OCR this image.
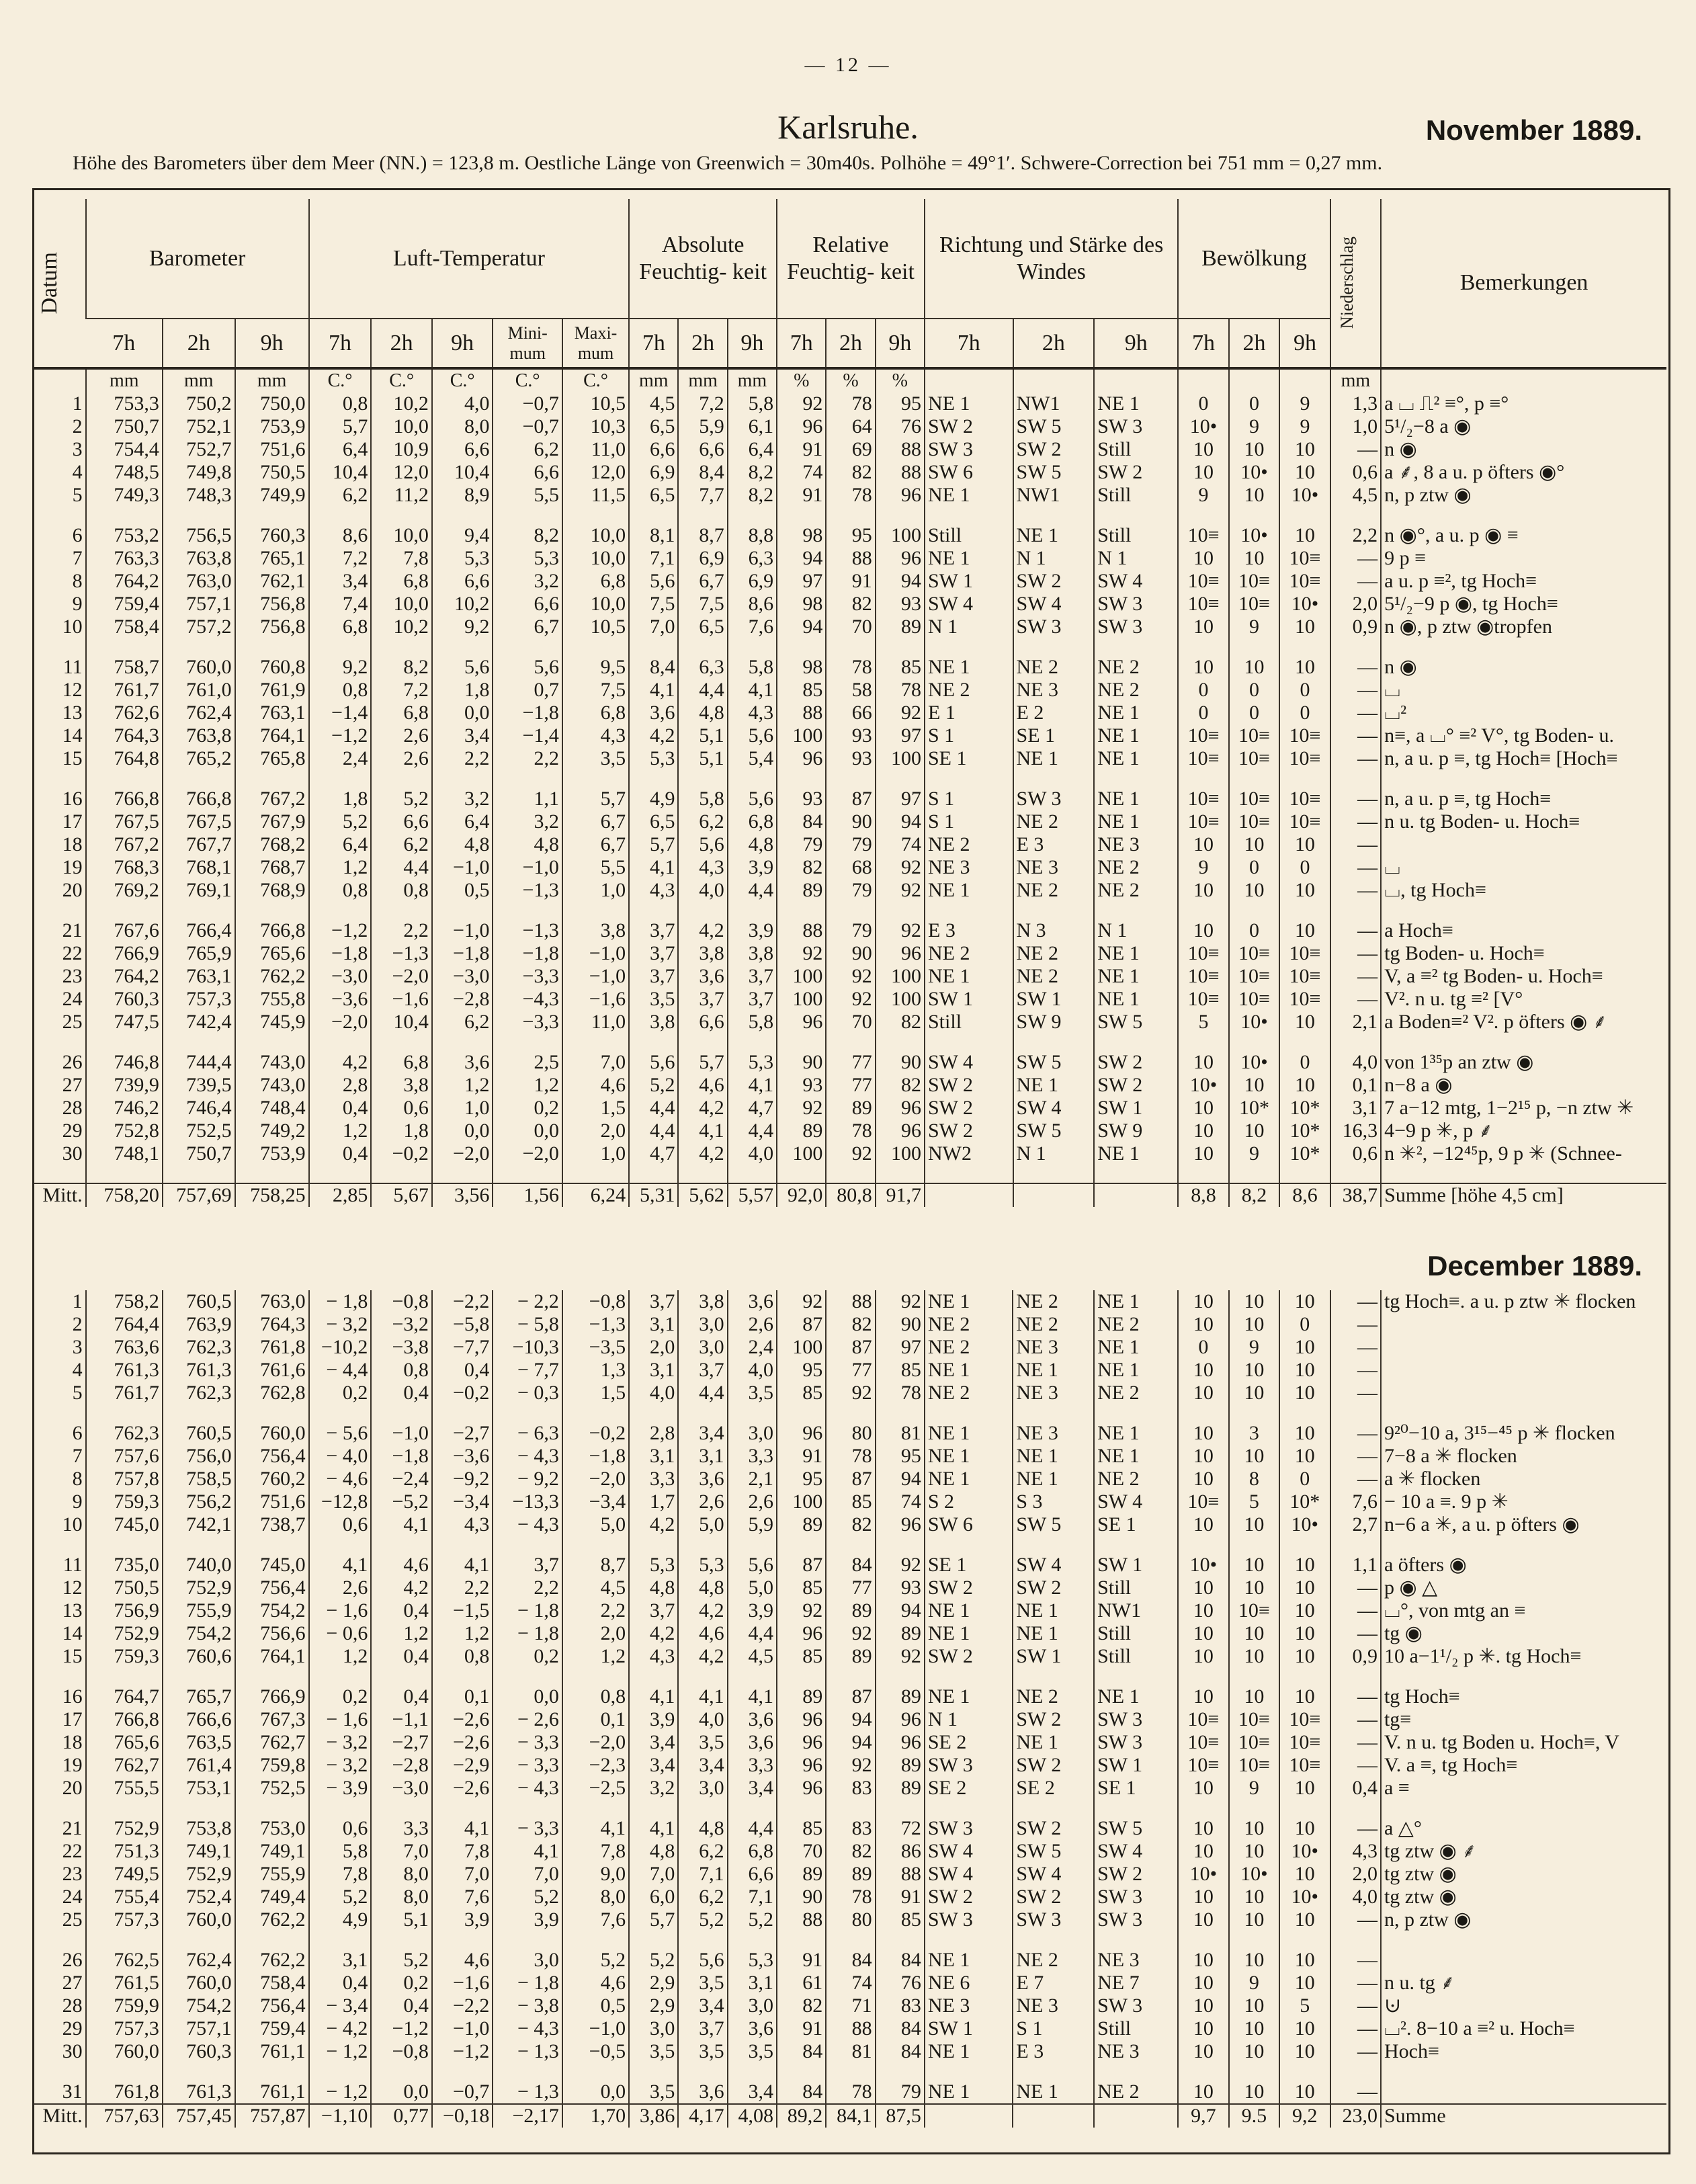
— 12 —
Karlsruhe.	November 1889.
Höhe des Barometers über dem Meer (NN.) = 123,8 m. Oestliche Länge von Greenwich = 30m40s. Polhöhe = 49°1′. Schwere-Correction bei 751 mm = 0,27 mm.
Datum	Barometer			Luft-Temperatur					Absolute Feuchtig- keit			Relative Feuchtig- keit			Richtung und Stärke des Windes			Bewölkung			Niederschlag	Bemerkungen
	7h	2h	9h	7h	2h	9h	Mini- mum	Maxi- mum	7h	2h	9h	7h	2h	9h	7h	2h	9h	7h	2h	9h		
	mm	mm	mm	C.°	C.°	C.°	C.°	C.°	mm	mm	mm	%	%	%							mm	
1	753,3	750,2	750,0	0,8	10,2	4,0	−0,7	10,5	4,5	7,2	5,8	92	78	95	NE 1	NW1	NE 1	0	0	9	1,3	a ⌴ ⎍² ≡°, p ≡°
2	750,7	752,1	753,9	5,7	10,0	8,0	−0,7	10,3	6,5	5,9	6,1	96	64	76	SW 2	SW 5	SW 3	10•	9	9	1,0	5¹/₂−8 a ◉
3	754,4	752,7	751,6	6,4	10,9	6,6	6,2	11,0	6,6	6,6	6,4	91	69	88	SW 3	SW 2	Still	10	10	10	—	n ◉
4	748,5	749,8	750,5	10,4	12,0	10,4	6,6	12,0	6,9	8,4	8,2	74	82	88	SW 6	SW 5	SW 2	10	10•	10	0,6	a ⸙, 8 a u. p öfters ◉°
5	749,3	748,3	749,9	6,2	11,2	8,9	5,5	11,5	6,5	7,7	8,2	91	78	96	NE 1	NW1	Still	9	10	10•	4,5	n, p ztw ◉

6	753,2	756,5	760,3	8,6	10,0	9,4	8,2	10,0	8,1	8,7	8,8	98	95	100	Still	NE 1	Still	10≡	10•	10	2,2	n ◉°, a u. p ◉ ≡
7	763,3	763,8	765,1	7,2	7,8	5,3	5,3	10,0	7,1	6,9	6,3	94	88	96	NE 1	N 1	N 1	10	10	10≡	—	9 p ≡
8	764,2	763,0	762,1	3,4	6,8	6,6	3,2	6,8	5,6	6,7	6,9	97	91	94	SW 1	SW 2	SW 4	10≡	10≡	10≡	—	a u. p ≡², tg Hoch≡
9	759,4	757,1	756,8	7,4	10,0	10,2	6,6	10,0	7,5	7,5	8,6	98	82	93	SW 4	SW 4	SW 3	10≡	10≡	10•	2,0	5¹/₂−9 p ◉, tg Hoch≡
10	758,4	757,2	756,8	6,8	10,2	9,2	6,7	10,5	7,0	6,5	7,6	94	70	89	N 1	SW 3	SW 3	10	9	10	0,9	n ◉, p ztw ◉tropfen

11	758,7	760,0	760,8	9,2	8,2	5,6	5,6	9,5	8,4	6,3	5,8	98	78	85	NE 1	NE 2	NE 2	10	10	10	—	n ◉
12	761,7	761,0	761,9	0,8	7,2	1,8	0,7	7,5	4,1	4,4	4,1	85	58	78	NE 2	NE 3	NE 2	0	0	0	—	⌴
13	762,6	762,4	763,1	−1,4	6,8	0,0	−1,8	6,8	3,6	4,8	4,3	88	66	92	E 1	E 2	NE 1	0	0	0	—	⌴²
14	764,3	763,8	764,1	−1,2	2,6	3,4	−1,4	4,3	4,2	5,1	5,6	100	93	97	S 1	SE 1	NE 1	10≡	10≡	10≡	—	n≡, a ⌴° ≡² V°, tg Boden- u.
15	764,8	765,2	765,8	2,4	2,6	2,2	2,2	3,5	5,3	5,1	5,4	96	93	100	SE 1	NE 1	NE 1	10≡	10≡	10≡	—	n, a u. p ≡, tg Hoch≡ [Hoch≡

16	766,8	766,8	767,2	1,8	5,2	3,2	1,1	5,7	4,9	5,8	5,6	93	87	97	S 1	SW 3	NE 1	10≡	10≡	10≡	—	n, a u. p ≡, tg Hoch≡
17	767,5	767,5	767,9	5,2	6,6	6,4	3,2	6,7	6,5	6,2	6,8	84	90	94	S 1	NE 2	NE 1	10≡	10≡	10≡	—	n u. tg Boden- u. Hoch≡
18	767,2	767,7	768,2	6,4	6,2	4,8	4,8	6,7	5,7	5,6	4,8	79	79	74	NE 2	E 3	NE 3	10	10	10	—	
19	768,3	768,1	768,7	1,2	4,4	−1,0	−1,0	5,5	4,1	4,3	3,9	82	68	92	NE 3	NE 3	NE 2	9	0	0	—	⌴
20	769,2	769,1	768,9	0,8	0,8	0,5	−1,3	1,0	4,3	4,0	4,4	89	79	92	NE 1	NE 2	NE 2	10	10	10	—	⌴, tg Hoch≡

21	767,6	766,4	766,8	−1,2	2,2	−1,0	−1,3	3,8	3,7	4,2	3,9	88	79	92	E 3	N 3	N 1	10	0	10	—	a Hoch≡
22	766,9	765,9	765,6	−1,8	−1,3	−1,8	−1,8	−1,0	3,7	3,8	3,8	92	90	96	NE 2	NE 2	NE 1	10≡	10≡	10≡	—	tg Boden- u. Hoch≡
23	764,2	763,1	762,2	−3,0	−2,0	−3,0	−3,3	−1,0	3,7	3,6	3,7	100	92	100	NE 1	NE 2	NE 1	10≡	10≡	10≡	—	V, a ≡² tg Boden- u. Hoch≡
24	760,3	757,3	755,8	−3,6	−1,6	−2,8	−4,3	−1,6	3,5	3,7	3,7	100	92	100	SW 1	SW 1	NE 1	10≡	10≡	10≡	—	V². n u. tg ≡² [V°
25	747,5	742,4	745,9	−2,0	10,4	6,2	−3,3	11,0	3,8	6,6	5,8	96	70	82	Still	SW 9	SW 5	5	10•	10	2,1	a Boden≡² V². p öfters ◉ ⸙

26	746,8	744,4	743,0	4,2	6,8	3,6	2,5	7,0	5,6	5,7	5,3	90	77	90	SW 4	SW 5	SW 2	10	10•	0	4,0	von 1³⁵p an ztw ◉
27	739,9	739,5	743,0	2,8	3,8	1,2	1,2	4,6	5,2	4,6	4,1	93	77	82	SW 2	NE 1	SW 2	10•	10	10	0,1	n−8 a ◉
28	746,2	746,4	748,4	0,4	0,6	1,0	0,2	1,5	4,4	4,2	4,7	92	89	96	SW 2	SW 4	SW 1	10	10*	10*	3,1	7 a−12 mtg, 1−2¹⁵ p, −n ztw ✳
29	752,8	752,5	749,2	1,2	1,8	0,0	0,0	2,0	4,4	4,1	4,4	89	78	96	SW 2	SW 5	SW 9	10	10	10*	16,3	4−9 p ✳, p ⸙
30	748,1	750,7	753,9	0,4	−0,2	−2,0	−2,0	1,0	4,7	4,2	4,0	100	92	100	NW2	N 1	NE 1	10	9	10*	0,6	n ✳², −12⁴⁵p, 9 p ✳ (Schnee-

Mitt.	758,20	757,69	758,25	2,85	5,67	3,56	1,56	6,24	5,31	5,62	5,57	92,0	80,8	91,7				8,8	8,2	8,6	38,7	Summe [höhe 4,5 cm]
December 1889.
1	758,2	760,5	763,0	− 1,8	−0,8	−2,2	− 2,2	−0,8	3,7	3,8	3,6	92	88	92	NE 1	NE 2	NE 1	10	10	10	—	tg Hoch≡. a u. p ztw ✳ flocken
2	764,4	763,9	764,3	− 3,2	−3,2	−5,8	− 5,8	−1,3	3,1	3,0	2,6	87	82	90	NE 2	NE 2	NE 2	10	10	0	—	
3	763,6	762,3	761,8	−10,2	−3,8	−7,7	−10,3	−3,5	2,0	3,0	2,4	100	87	97	NE 2	NE 3	NE 1	0	9	10	—	
4	761,3	761,3	761,6	− 4,4	0,8	0,4	− 7,7	1,3	3,1	3,7	4,0	95	77	85	NE 1	NE 1	NE 1	10	10	10	—	
5	761,7	762,3	762,8	0,2	0,4	−0,2	− 0,3	1,5	4,0	4,4	3,5	85	92	78	NE 2	NE 3	NE 2	10	10	10	—	

6	762,3	760,5	760,0	− 5,6	−1,0	−2,7	− 6,3	−0,2	2,8	3,4	3,0	96	80	81	NE 1	NE 3	NE 1	10	3	10	—	9²⁰−10 a, 3¹⁵−⁴⁵ p ✳ flocken
7	757,6	756,0	756,4	− 4,0	−1,8	−3,6	− 4,3	−1,8	3,1	3,1	3,3	91	78	95	NE 1	NE 1	NE 1	10	10	10	—	7−8 a ✳ flocken
8	757,8	758,5	760,2	− 4,6	−2,4	−9,2	− 9,2	−2,0	3,3	3,6	2,1	95	87	94	NE 1	NE 1	NE 2	10	8	0	—	a ✳ flocken
9	759,3	756,2	751,6	−12,8	−5,2	−3,4	−13,3	−3,4	1,7	2,6	2,6	100	85	74	S 2	S 3	SW 4	10≡	5	10*	7,6	− 10 a ≡. 9 p ✳
10	745,0	742,1	738,7	0,6	4,1	4,3	− 4,3	5,0	4,2	5,0	5,9	89	82	96	SW 6	SW 5	SE 1	10	10	10•	2,7	n−6 a ✳, a u. p öfters ◉

11	735,0	740,0	745,0	4,1	4,6	4,1	3,7	8,7	5,3	5,3	5,6	87	84	92	SE 1	SW 4	SW 1	10•	10	10	1,1	a öfters ◉
12	750,5	752,9	756,4	2,6	4,2	2,2	2,2	4,5	4,8	4,8	5,0	85	77	93	SW 2	SW 2	Still	10	10	10	—	p ◉ △
13	756,9	755,9	754,2	− 1,6	0,4	−1,5	− 1,8	2,2	3,7	4,2	3,9	92	89	94	NE 1	NE 1	NW1	10	10≡	10	—	⌴°, von mtg an ≡
14	752,9	754,2	756,6	− 0,6	1,2	1,2	− 1,8	2,0	4,2	4,6	4,4	96	92	89	NE 1	NE 1	Still	10	10	10	—	tg ◉
15	759,3	760,6	764,1	1,2	0,4	0,8	0,2	1,2	4,3	4,2	4,5	85	89	92	SW 2	SW 1	Still	10	10	10	0,9	10 a−1¹/₂ p ✳. tg Hoch≡

16	764,7	765,7	766,9	0,2	0,4	0,1	0,0	0,8	4,1	4,1	4,1	89	87	89	NE 1	NE 2	NE 1	10	10	10	—	tg Hoch≡
17	766,8	766,6	767,3	− 1,6	−1,1	−2,6	− 2,6	0,1	3,9	4,0	3,6	96	94	96	N 1	SW 2	SW 3	10≡	10≡	10≡	—	tg≡
18	765,6	763,5	762,7	− 3,2	−2,7	−2,6	− 3,3	−2,0	3,4	3,5	3,6	96	94	96	SE 2	NE 1	SW 3	10≡	10≡	10≡	—	V. n u. tg Boden u. Hoch≡, V
19	762,7	761,4	759,8	− 3,2	−2,8	−2,9	− 3,3	−2,3	3,4	3,4	3,3	96	92	89	SW 3	SW 2	SW 1	10≡	10≡	10≡	—	V. a ≡, tg Hoch≡
20	755,5	753,1	752,5	− 3,9	−3,0	−2,6	− 4,3	−2,5	3,2	3,0	3,4	96	83	89	SE 2	SE 2	SE 1	10	9	10	0,4	a ≡

21	752,9	753,8	753,0	0,6	3,3	4,1	− 3,3	4,1	4,1	4,8	4,4	85	83	72	SW 3	SW 2	SW 5	10	10	10	—	a △°
22	751,3	749,1	749,1	5,8	7,0	7,8	4,1	7,8	4,8	6,2	6,8	70	82	86	SW 4	SW 5	SW 4	10	10	10•	4,3	tg ztw ◉ ⸙
23	749,5	752,9	755,9	7,8	8,0	7,0	7,0	9,0	7,0	7,1	6,6	89	89	88	SW 4	SW 4	SW 2	10•	10•	10	2,0	tg ztw ◉
24	755,4	752,4	749,4	5,2	8,0	7,6	5,2	8,0	6,0	6,2	7,1	90	78	91	SW 2	SW 2	SW 3	10	10	10•	4,0	tg ztw ◉
25	757,3	760,0	762,2	4,9	5,1	3,9	3,9	7,6	5,7	5,2	5,2	88	80	85	SW 3	SW 3	SW 3	10	10	10	—	n, p ztw ◉

26	762,5	762,4	762,2	3,1	5,2	4,6	3,0	5,2	5,2	5,6	5,3	91	84	84	NE 1	NE 2	NE 3	10	10	10	—	
27	761,5	760,0	758,4	0,4	0,2	−1,6	− 1,8	4,6	2,9	3,5	3,1	61	74	76	NE 6	E 7	NE 7	10	9	10	—	n u. tg ⸙
28	759,9	754,2	756,4	− 3,4	0,4	−2,2	− 3,8	0,5	2,9	3,4	3,0	82	71	83	NE 3	NE 3	SW 3	10	10	5	—	⊍
29	757,3	757,1	759,4	− 4,2	−1,2	−1,0	− 4,3	−1,0	3,0	3,7	3,6	91	88	84	SW 1	S 1	Still	10	10	10	—	⌴². 8−10 a ≡² u. Hoch≡
30	760,0	760,3	761,1	− 1,2	−0,8	−1,2	− 1,3	−0,5	3,5	3,5	3,5	84	81	84	NE 1	E 3	NE 3	10	10	10	—	Hoch≡

31	761,8	761,3	761,1	− 1,2	0,0	−0,7	− 1,3	0,0	3,5	3,6	3,4	84	78	79	NE 1	NE 1	NE 2	10	10	10	—	
Mitt.	757,63	757,45	757,87	−1,10	0,77	−0,18	−2,17	1,70	3,86	4,17	4,08	89,2	84,1	87,5				9,7	9.5	9,2	23,0	Summe
